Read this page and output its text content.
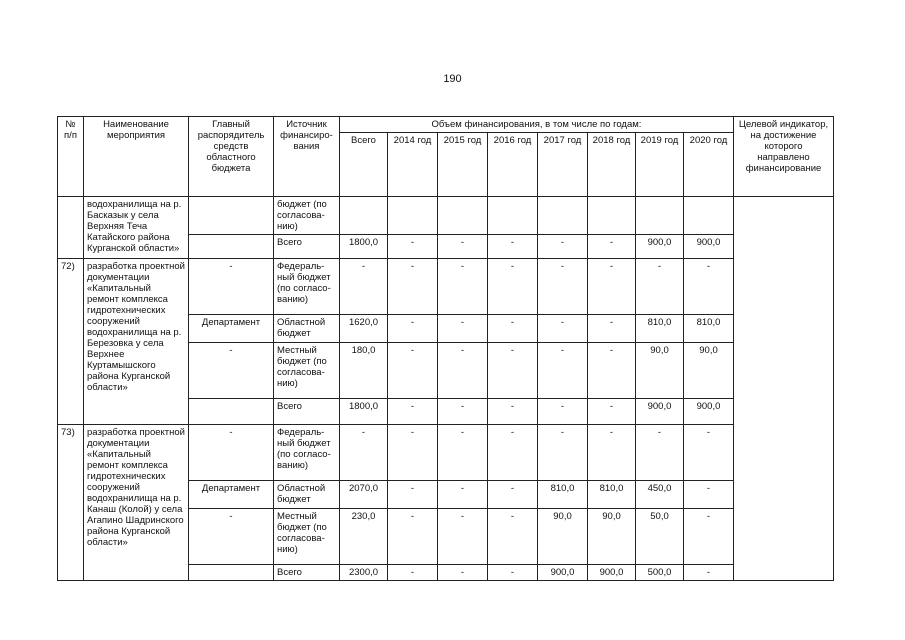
190
№ п/п	Наименование мероприятия	Главный распорядитель средств областного бюджета	Источник финансиро-вания	Объем финансирования, в том числе по годам:								Целевой индикатор, на достижение которого направлено финансирование
				Всего	2014 год	2015 год	2016 год	2017 год	2018 год	2019 год	2020 год	
	водохранилища на р. Басказык у села Верхняя Теча Катайского района Курганской области»		бюджет (по согласова-нию)									
			Всего	1800,0	-	-	-	-	-	900,0	900,0	
72)	разработка проектной документации «Капитальный ремонт комплекса гидротехнических сооружений водохранилища на р. Березовка у села Верхнее Куртамышского района Курганской области»	-	Федераль-ный бюджет (по согласо-ванию)	-	-	-	-	-	-	-	-	
		Департамент	Областной бюджет	1620,0	-	-	-	-	-	810,0	810,0	
		-	Местный бюджет (по согласова-нию)	180,0	-	-	-	-	-	90,0	90,0	
			Всего	1800,0	-	-	-	-	-	900,0	900,0	
73)	разработка проектной документации «Капитальный ремонт комплекса гидротехнических сооружений водохранилища на р. Канаш (Колой) у села Агапино Шадринского района Курганской области»	-	Федераль-ный бюджет (по согласо-ванию)	-	-	-	-	-	-	-	-	
		Департамент	Областной бюджет	2070,0	-	-	-	810,0	810,0	450,0	-	
		-	Местный бюджет (по согласова-нию)	230,0	-	-	-	90,0	90,0	50,0	-	
			Всего	2300,0	-	-	-	900,0	900,0	500,0	-	
